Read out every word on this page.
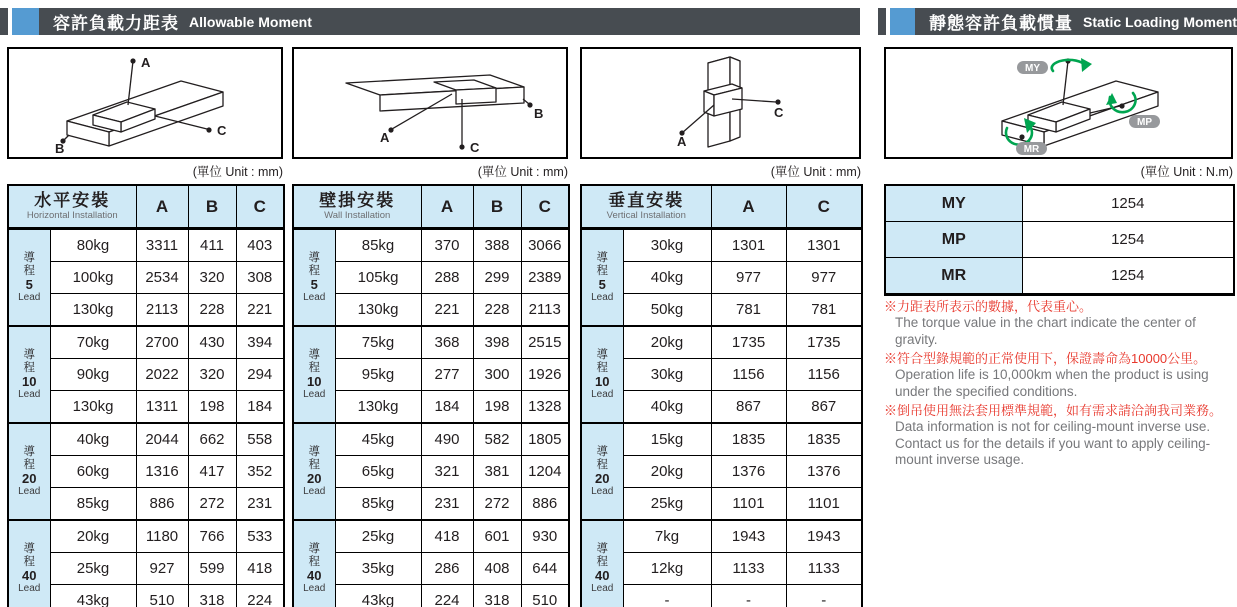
容許負載力距表 Allowable Moment	靜態容許負載慣量 Static Loading Moment
A
B
C	A
C
B
A
C
MY
MP
MR
(單位 Unit : mm)	(單位 Unit : mm)	(單位 Unit : mm)	(單位 Unit : N.m)
水平安裝
Horizontal Installation		A	B	C

導
程
5
Lead	80kg	3311	411	403
	100kg	2534	320	308
	130kg	2113	228	221

導
程
10
Lead	70kg	2700	430	394
	90kg	2022	320	294
	130kg	1311	198	184

導
程
20
Lead	40kg	2044	662	558
	60kg	1316	417	352
	85kg	886	272	231

導
程
40
Lead	20kg	1180	766	533
	25kg	927	599	418
	43kg	510	318	224
壁掛安裝
Wall Installation		A	B	C

導
程
5
Lead	85kg	370	388	3066
	105kg	288	299	2389
	130kg	221	228	2113

導
程
10
Lead	75kg	368	398	2515
	95kg	277	300	1926
	130kg	184	198	1328

導
程
20
Lead	45kg	490	582	1805
	65kg	321	381	1204
	85kg	231	272	886

導
程
40
Lead	25kg	418	601	930
	35kg	286	408	644
	43kg	224	318	510
垂直安裝
Vertical Installation		A	C

導
程
5
Lead	30kg	1301	1301
	40kg	977	977
	50kg	781	781

導
程
10
Lead	20kg	1735	1735
	30kg	1156	1156
	40kg	867	867

導
程
20
Lead	15kg	1835	1835
	20kg	1376	1376
	25kg	1101	1101

導
程
40
Lead	7kg	1943	1943
	12kg	1133	1133
	-	-	-
MY	1254
MP	1254
MR	1254
※力距表所表示的數據，代表重心。
The torque value in the chart indicate the center of gravity.
※符合型錄規範的正常使用下，保證壽命為10000公里。
Operation life is 10,000km when the product is using under the specified conditions.
※倒吊使用無法套用標準規範，如有需求請洽詢我司業務。
Data information is not for ceiling-mount inverse use. Contact us for the details if you want to apply ceiling-mount inverse usage.
